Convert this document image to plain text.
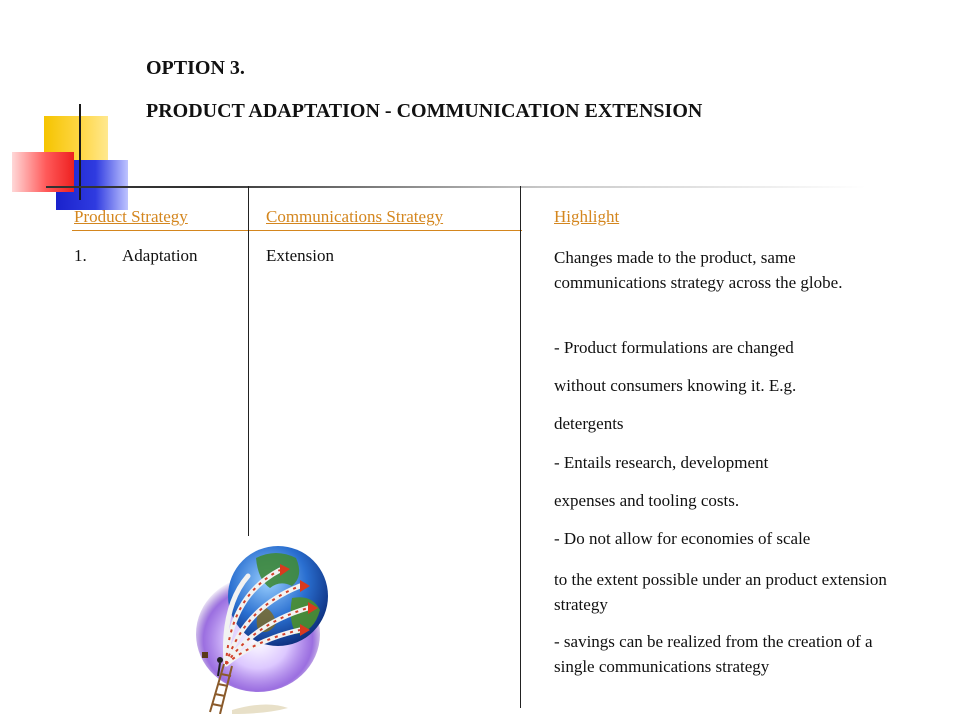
OPTION 3.
PRODUCT ADAPTATION - COMMUNICATION EXTENSION
Product Strategy	Communications Strategy	Highlight
1. Adaptation	Extension	Changes made to the product, same communications strategy across the globe.
- Product formulations are changed
without consumers knowing it. E.g.
detergents
- Entails research, development
expenses and tooling costs.
- Do not allow for economies of scale
to the extent possible under an product extension strategy
- savings can be realized from the creation of a single communications strategy
